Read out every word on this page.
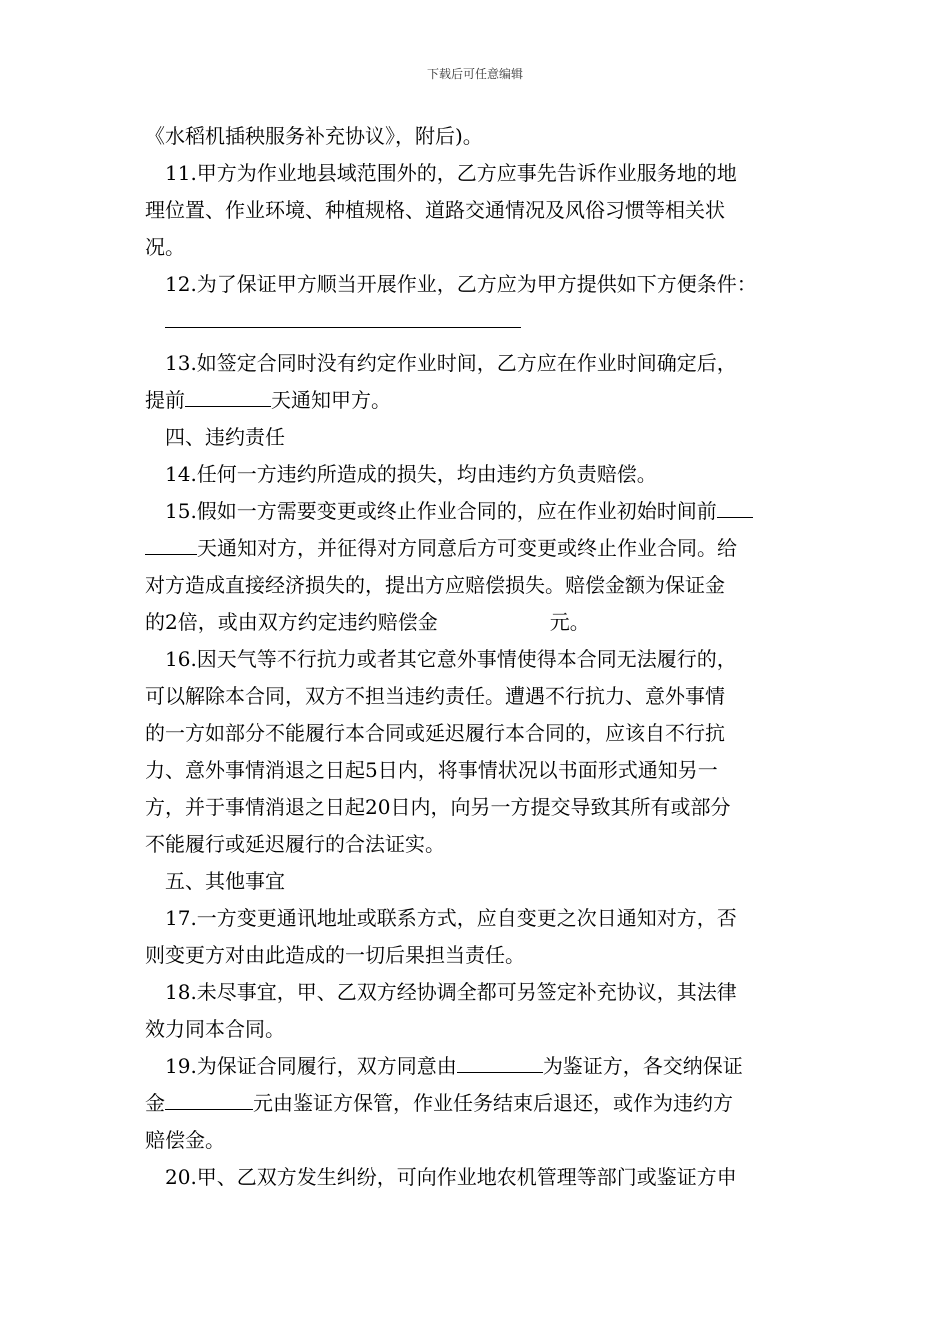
下载后可任意编辑
《水稻机插秧服务补充协议》，附后)。
11.甲方为作业地县域范围外的，乙方应事先告诉作业服务地的地
理位置、作业环境、种植规格、道路交通情况及风俗习惯等相关状
况。
12.为了保证甲方顺当开展作业，乙方应为甲方提供如下方便条件：
13.如签定合同时没有约定作业时间，乙方应在作业时间确定后，
提前	天通知甲方。
四、违约责任
14.任何一方违约所造成的损失，均由违约方负责赔偿。
15.假如一方需要变更或终止作业合同的，应在作业初始时间前
天通知对方，并征得对方同意后方可变更或终止作业合同。给
对方造成直接经济损失的，提出方应赔偿损失。赔偿金额为保证金
的2倍，或由双方约定违约赔偿金	元。
16.因天气等不行抗力或者其它意外事情使得本合同无法履行的，
可以解除本合同，双方不担当违约责任。遭遇不行抗力、意外事情
的一方如部分不能履行本合同或延迟履行本合同的，应该自不行抗
力、意外事情消退之日起5日内，将事情状况以书面形式通知另一
方，并于事情消退之日起20日内，向另一方提交导致其所有或部分
不能履行或延迟履行的合法证实。
五、其他事宜
17.一方变更通讯地址或联系方式，应自变更之次日通知对方，否
则变更方对由此造成的一切后果担当责任。
18.未尽事宜，甲、乙双方经协调全都可另签定补充协议，其法律
效力同本合同。
19.为保证合同履行，双方同意由	为鉴证方，各交纳保证
金	元由鉴证方保管，作业任务结束后退还，或作为违约方
赔偿金。
20.甲、乙双方发生纠纷，可向作业地农机管理等部门或鉴证方申
